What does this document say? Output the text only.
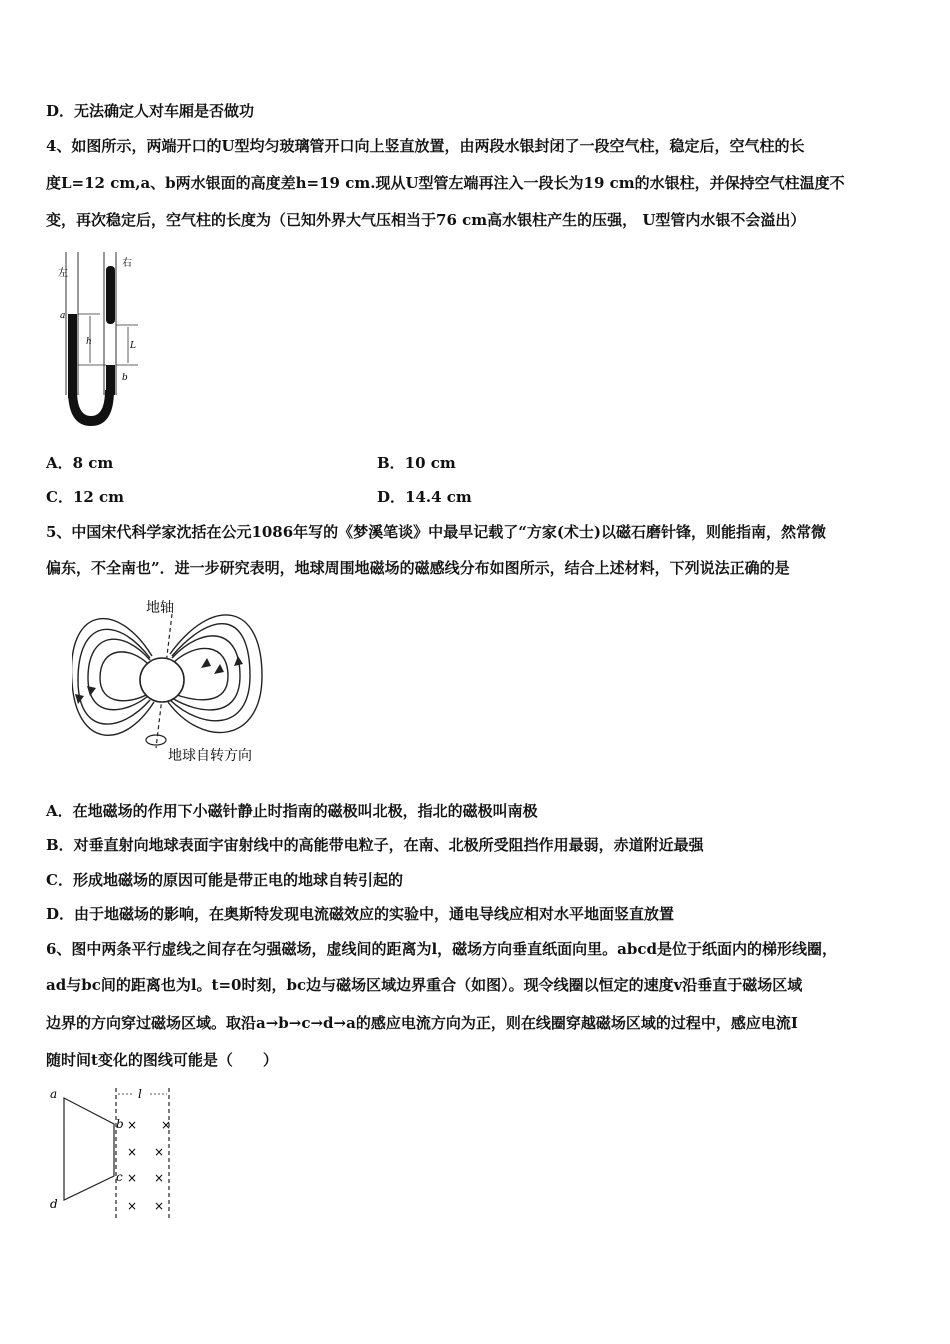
D．无法确定人对车厢是否做功
4、如图所示，两端开口的U型均匀玻璃管开口向上竖直放置，由两段水银封闭了一段空气柱，稳定后，空气柱的长
度L=12 cm,a、b两水银面的高度差h=19 cm.现从U型管左端再注入一段长为19 cm的水银柱，并保持空气柱温度不
变，再次稳定后，空气柱的长度为（已知外界大气压相当于76 cm高水银柱产生的压强， U型管内水银不会溢出）
左
右
a
b
h	L
A．8 cm	B．10 cm
C．12 cm	D．14.4 cm
5、中国宋代科学家沈括在公元1086年写的《梦溪笔谈》中最早记载了“方家(术士)以磁石磨针锋，则能指南，然常微
偏东，不全南也”．进一步研究表明，地球周围地磁场的磁感线分布如图所示，结合上述材料，下列说法正确的是
地轴
地球自转方向
A．在地磁场的作用下小磁针静止时指南的磁极叫北极，指北的磁极叫南极
B．对垂直射向地球表面宇宙射线中的高能带电粒子，在南、北极所受阻挡作用最弱，赤道附近最强
C．形成地磁场的原因可能是带正电的地球自转引起的
D．由于地磁场的影响，在奥斯特发现电流磁效应的实验中，通电导线应相对水平地面竖直放置
6、图中两条平行虚线之间存在匀强磁场，虚线间的距离为l，磁场方向垂直纸面向里。abcd是位于纸面内的梯形线圈，
ad与bc间的距离也为l。t=0时刻，bc边与磁场区域边界重合（如图）。现令线圈以恒定的速度v沿垂直于磁场区域
边界的方向穿过磁场区域。取沿a→b→c→d→a的感应电流方向为正，则在线圈穿越磁场区域的过程中，感应电流I
随时间t变化的图线可能是（　　）
l
a
b
c
d
× ×
× ×
× ×
× ×
